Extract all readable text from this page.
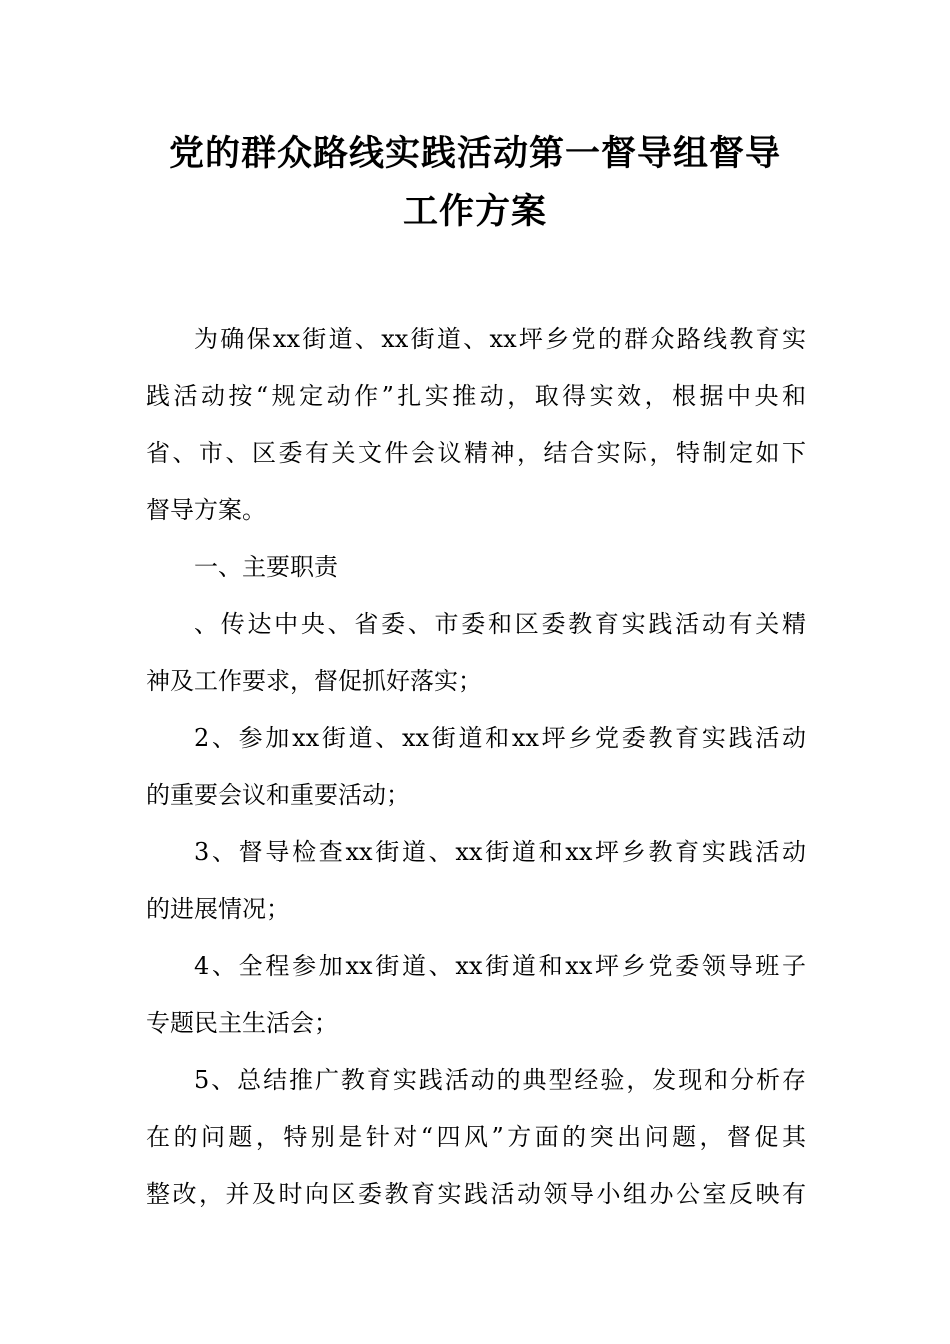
党的群众路线实践活动第一督导组督导
工作方案

为确保xx街道、xx街道、xx坪乡党的群众路线教育实

践活动按“规定动作”扎实推动，取得实效，根据中央和

省、市、区委有关文件会议精神，结合实际，特制定如下

督导方案。

一、主要职责

、传达中央、省委、市委和区委教育实践活动有关精

神及工作要求，督促抓好落实；

2、参加xx街道、xx街道和xx坪乡党委教育实践活动

的重要会议和重要活动；

3、督导检查xx街道、xx街道和xx坪乡教育实践活动

的进展情况；

4、全程参加xx街道、xx街道和xx坪乡党委领导班子

专题民主生活会；

5、总结推广教育实践活动的典型经验，发现和分析存

在的问题，特别是针对“四风”方面的突出问题，督促其

整改，并及时向区委教育实践活动领导小组办公室反映有
